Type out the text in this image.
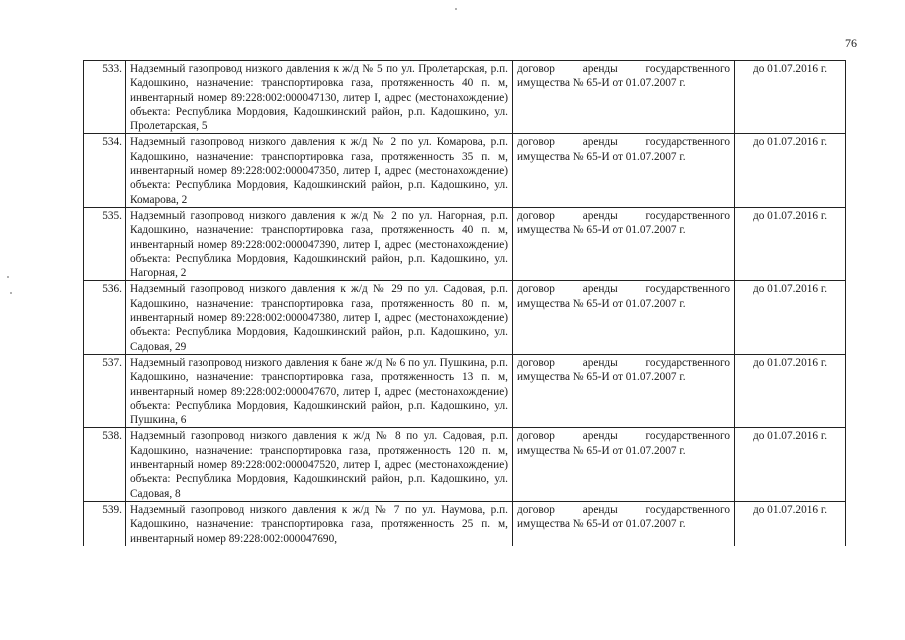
76
533.	Надземный газопровод низкого давления к ж/д № 5 по ул. Пролетарская, р.п. Кадошкино, назначение: транспортировка газа, протяженность 40 п. м, инвентарный номер 89:228:002:000047130, литер I, адрес (местонахождение) объекта: Республика Мордовия, Кадошкинский район, р.п. Кадошкино, ул. Пролетарская, 5	договор аренды государственного имущества № 65-И от 01.07.2007 г.	до 01.07.2016 г.
534.	Надземный газопровод низкого давления к ж/д № 2 по ул. Комарова, р.п. Кадошкино, назначение: транспортировка газа, протяженность 35 п. м, инвентарный номер 89:228:002:000047350, литер I, адрес (местонахождение) объекта: Республика Мордовия, Кадошкинский район, р.п. Кадошкино, ул. Комарова, 2	договор аренды государственного имущества № 65-И от 01.07.2007 г.	до 01.07.2016 г.
535.	Надземный газопровод низкого давления к ж/д № 2 по ул. Нагорная, р.п. Кадошкино, назначение: транспортировка газа, протяженность 40 п. м, инвентарный номер 89:228:002:000047390, литер I, адрес (местонахождение) объекта: Республика Мордовия, Кадошкинский район, р.п. Кадошкино, ул. Нагорная, 2	договор аренды государственного имущества № 65-И от 01.07.2007 г.	до 01.07.2016 г.
536.	Надземный газопровод низкого давления к ж/д № 29 по ул. Садовая, р.п. Кадошкино, назначение: транспортировка газа, протяженность 80 п. м, инвентарный номер 89:228:002:000047380, литер I, адрес (местонахождение) объекта: Республика Мордовия, Кадошкинский район, р.п. Кадошкино, ул. Садовая, 29	договор аренды государственного имущества № 65-И от 01.07.2007 г.	до 01.07.2016 г.
537.	Надземный газопровод низкого давления к бане ж/д № 6 по ул. Пушкина, р.п. Кадошкино, назначение: транспортировка газа, протяженность 13 п. м, инвентарный номер 89:228:002:000047670, литер I, адрес (местонахождение) объекта: Республика Мордовия, Кадошкинский район, р.п. Кадошкино, ул. Пушкина, 6	договор аренды государственного имущества № 65-И от 01.07.2007 г.	до 01.07.2016 г.
538.	Надземный газопровод низкого давления к ж/д № 8 по ул. Садовая, р.п. Кадошкино, назначение: транспортировка газа, протяженность 120 п. м, инвентарный номер 89:228:002:000047520, литер I, адрес (местонахождение) объекта: Республика Мордовия, Кадошкинский район, р.п. Кадошкино, ул. Садовая, 8	договор аренды государственного имущества № 65-И от 01.07.2007 г.	до 01.07.2016 г.
539.	Надземный газопровод низкого давления к ж/д № 7 по ул. Наумова, р.п. Кадошкино, назначение: транспортировка газа, протяженность 25 п. м, инвентарный номер 89:228:002:000047690,	договор аренды государственного имущества № 65-И от 01.07.2007 г.	до 01.07.2016 г.
